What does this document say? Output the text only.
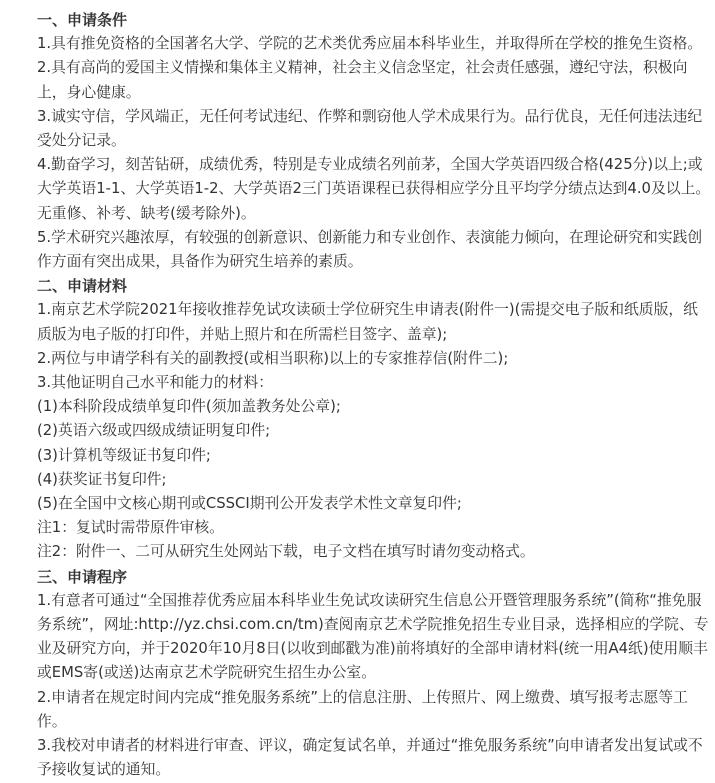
一、申请条件

1.具有推免资格的全国著名大学、学院的艺术类优秀应届本科毕业生，并取得所在学校的推免生资格。

2.具有高尚的爱国主义情操和集体主义精神，社会主义信念坚定，社会责任感强，遵纪守法，积极向上，身心健康。

3.诚实守信，学风端正，无任何考试违纪、作弊和剽窃他人学术成果行为。品行优良，无任何违法违纪受处分记录。

4.勤奋学习，刻苦钻研，成绩优秀，特别是专业成绩名列前茅，全国大学英语四级合格(425分)以上;或大学英语1-1、大学英语1-2、大学英语2三门英语课程已获得相应学分且平均学分绩点达到4.0及以上。无重修、补考、缺考(缓考除外)。

5.学术研究兴趣浓厚，有较强的创新意识、创新能力和专业创作、表演能力倾向，在理论研究和实践创作方面有突出成果，具备作为研究生培养的素质。

二、申请材料

1.南京艺术学院2021年接收推荐免试攻读硕士学位研究生申请表(附件一)(需提交电子版和纸质版，纸质版为电子版的打印件，并贴上照片和在所需栏目签字、盖章);

2.两位与申请学科有关的副教授(或相当职称)以上的专家推荐信(附件二);

3.其他证明自己水平和能力的材料：

(1)本科阶段成绩单复印件(须加盖教务处公章);

(2)英语六级或四级成绩证明复印件;

(3)计算机等级证书复印件;

(4)获奖证书复印件;

(5)在全国中文核心期刊或CSSCI期刊公开发表学术性文章复印件;

注1：复试时需带原件审核。

注2：附件一、二可从研究生处网站下载，电子文档在填写时请勿变动格式。

三、申请程序

1.有意者可通过“全国推荐优秀应届本科毕业生免试攻读研究生信息公开暨管理服务系统”(简称“推免服务系统”，网址:http://yz.chsi.com.cn/tm)查阅南京艺术学院推免招生专业目录，选择相应的学院、专业及研究方向，并于2020年10月8日(以收到邮戳为准)前将填好的全部申请材料(统一用A4纸)使用顺丰或EMS寄(或送)达南京艺术学院研究生招生办公室。

2.申请者在规定时间内完成“推免服务系统”上的信息注册、上传照片、网上缴费、填写报考志愿等工作。

3.我校对申请者的材料进行审查、评议，确定复试名单，并通过“推免服务系统”向申请者发出复试或不予接收复试的通知。
